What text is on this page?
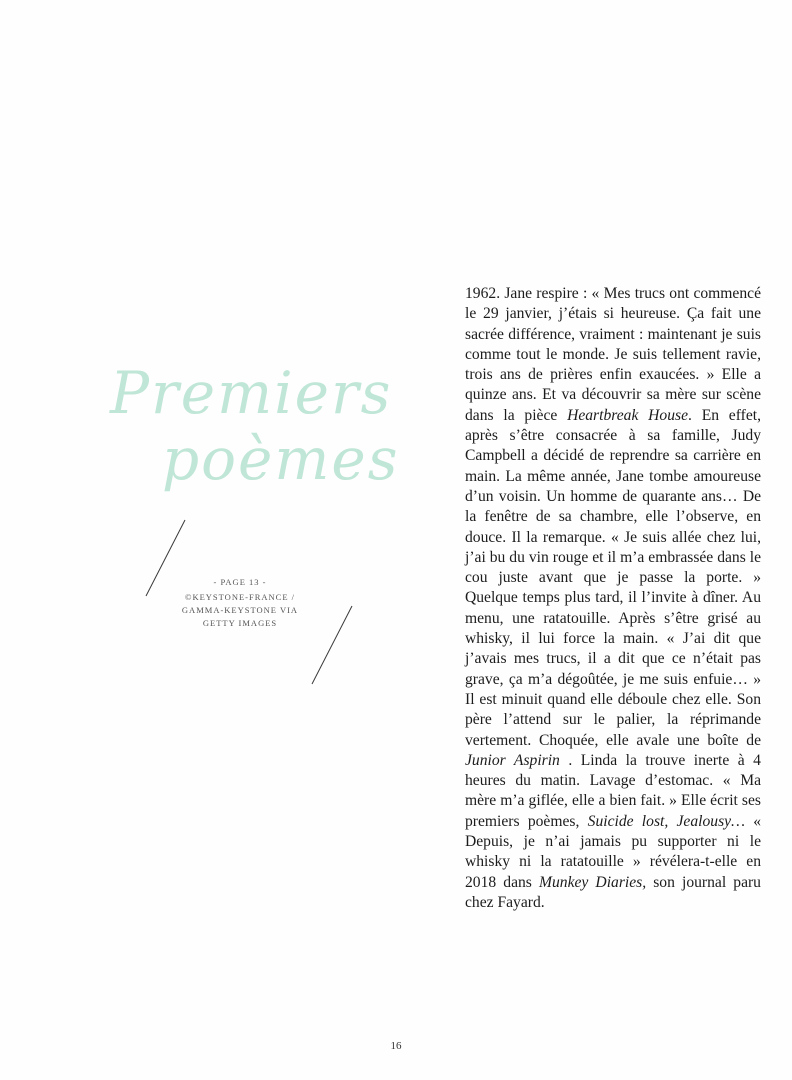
Premiers
poèmes
- PAGE 13 -
©KEYSTONE-FRANCE /
GAMMA-KEYSTONE VIA
GETTY IMAGES

1962. Jane respire : « Mes trucs ont commencé le 29 janvier, j’étais si heureuse. Ça fait une sacrée différence, vraiment : maintenant je suis comme tout le monde. Je suis tellement ravie, trois ans de prières enfin exaucées. » Elle a quinze ans. Et va découvrir sa mère sur scène dans la pièce Heartbreak House. En effet, après s’être consacrée à sa famille, Judy Campbell a décidé de reprendre sa carrière en main. La même année, Jane tombe amoureuse d’un voisin. Un homme de quarante ans… De la fenêtre de sa chambre, elle l’observe, en douce. Il la remarque. « Je suis allée chez lui, j’ai bu du vin rouge et il m’a embrassée dans le cou juste avant que je passe la porte. » Quelque temps plus tard, il l’invite à dîner. Au menu, une ratatouille. Après s’être grisé au whisky, il lui force la main. « J’ai dit que j’avais mes trucs, il a dit que ce n’était pas grave, ça m’a dégoûtée, je me suis enfuie… » Il est minuit quand elle déboule chez elle. Son père l’attend sur le palier, la réprimande vertement. Choquée, elle avale une boîte de Junior Aspirin . Linda la trouve inerte à 4 heures du matin. Lavage d’estomac. « Ma mère m’a giflée, elle a bien fait. » Elle écrit ses premiers poèmes, Suicide lost, Jealousy… « Depuis, je n’ai jamais pu supporter ni le whisky ni la ratatouille » révélera-t-elle en 2018 dans Munkey Diaries, son journal paru chez Fayard.

16
